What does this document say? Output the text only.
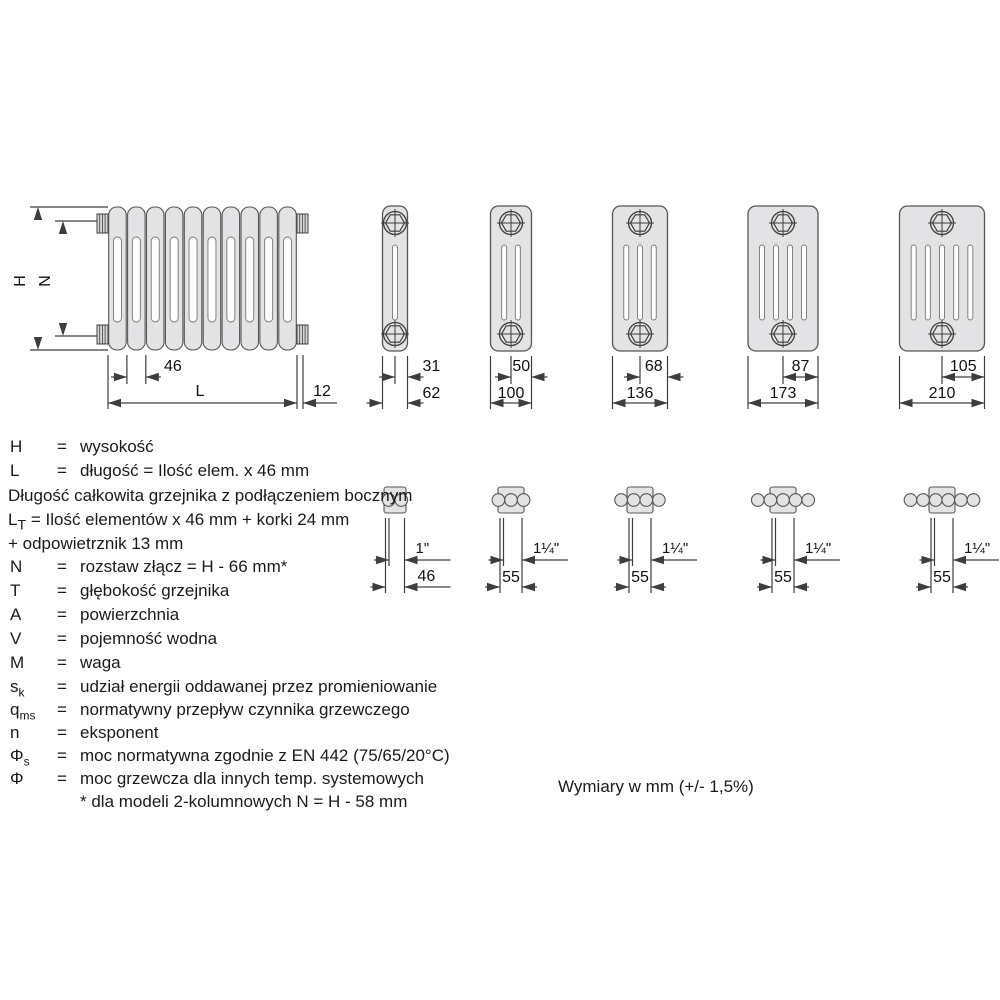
H N
46
L	12
31
62
1"
46
50
100
1¼"
55
68
136
1¼"
55
87
173
1¼"
55
105
210
1¼"
55
H = wysokość
L = długość = Ilość elem. x 46 mm
Długość całkowita grzejnika z podłączeniem bocznym
$L_T$ = Ilość elementów x 46 mm + korki 24 mm
+ odpowietrznik 13 mm
N = rozstaw złącz = H - 66 mm*
T = głębokość grzejnika
A = powierzchnia
V = pojemność wodna
M = waga
$s_k$ = udział energii oddawanej przez promieniowanie
$q_{ms}$ = normatywny przepływ czynnika grzewczego
n = eksponent
$\Phi_s$ = moc normatywna zgodnie z EN 442 (75/65/20°C)
Φ = moc grzewcza dla innych temp. systemowych
* dla modeli 2-kolumnowych N = H - 58 mm
Wymiary w mm (+/- 1,5%)
